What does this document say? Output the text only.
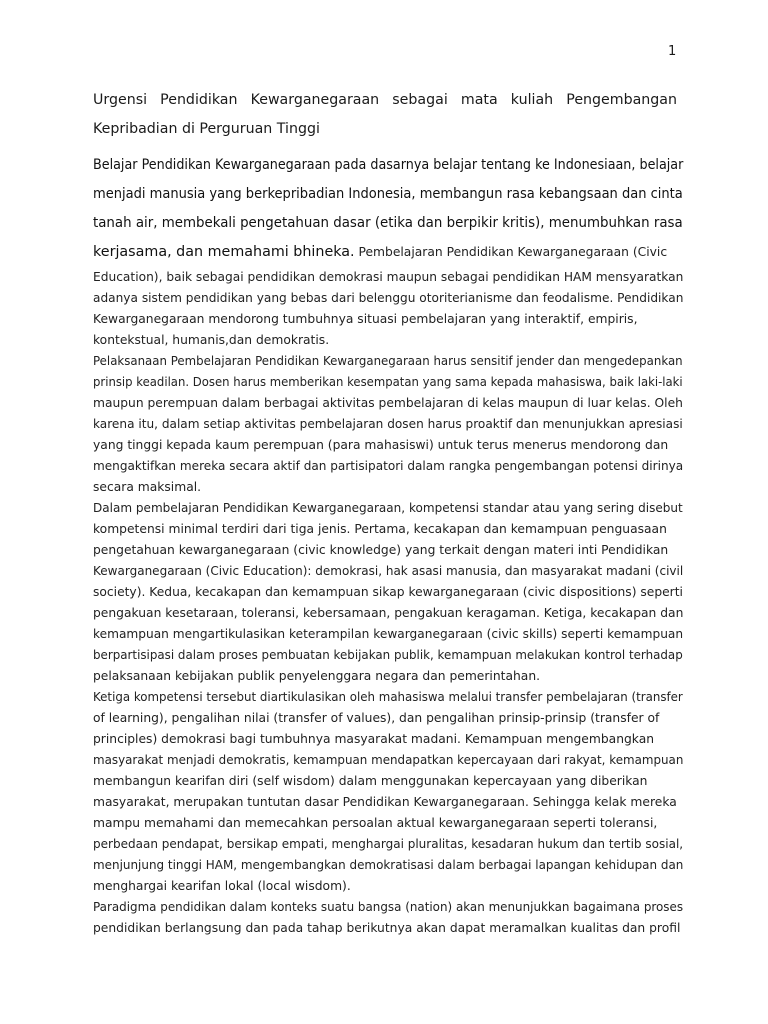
1
Urgensi Pendidikan Kewarganegaraan sebagai mata kuliah Pengembangan Kepribadian di Perguruan Tinggi
Belajar Pendidikan Kewarganegaraan pada dasarnya belajar tentang ke Indonesiaan, belajar
menjadi manusia yang berkepribadian Indonesia, membangun rasa kebangsaan dan cinta
tanah air, membekali pengetahuan dasar (etika dan berpikir kritis), menumbuhkan rasa
kerjasama, dan memahami bhineka. Pembelajaran Pendidikan Kewarganegaraan (Civic
Education), baik sebagai pendidikan demokrasi maupun sebagai pendidikan HAM mensyaratkan
adanya sistem pendidikan yang bebas dari belenggu otoriterianisme dan feodalisme. Pendidikan
Kewarganegaraan mendorong tumbuhnya situasi pembelajaran yang interaktif, empiris,
kontekstual, humanis,dan demokratis.
Pelaksanaan Pembelajaran Pendidikan Kewarganegaraan harus sensitif jender dan mengedepankan
prinsip keadilan. Dosen harus memberikan kesempatan yang sama kepada mahasiswa, baik laki-laki
maupun perempuan dalam berbagai aktivitas pembelajaran di kelas maupun di luar kelas. Oleh
karena itu, dalam setiap aktivitas pembelajaran dosen harus proaktif dan menunjukkan apresiasi
yang tinggi kepada kaum perempuan (para mahasiswi) untuk terus menerus mendorong dan
mengaktifkan mereka secara aktif dan partisipatori dalam rangka pengembangan potensi dirinya
secara maksimal.
Dalam pembelajaran Pendidikan Kewarganegaraan, kompetensi standar atau yang sering disebut
kompetensi minimal terdiri dari tiga jenis. Pertama, kecakapan dan kemampuan penguasaan
pengetahuan kewarganegaraan (civic knowledge) yang terkait dengan materi inti Pendidikan
Kewarganegaraan (Civic Education): demokrasi, hak asasi manusia, dan masyarakat madani (civil
society). Kedua, kecakapan dan kemampuan sikap kewarganegaraan (civic dispositions) seperti
pengakuan kesetaraan, toleransi, kebersamaan, pengakuan keragaman. Ketiga, kecakapan dan
kemampuan mengartikulasikan keterampilan kewarganegaraan (civic skills) seperti kemampuan
berpartisipasi dalam proses pembuatan kebijakan publik, kemampuan melakukan kontrol terhadap
pelaksanaan kebijakan publik penyelenggara negara dan pemerintahan.
Ketiga kompetensi tersebut diartikulasikan oleh mahasiswa melalui transfer pembelajaran (transfer
of learning), pengalihan nilai (transfer of values), dan pengalihan prinsip-prinsip (transfer of
principles) demokrasi bagi tumbuhnya masyarakat madani. Kemampuan mengembangkan
masyarakat menjadi demokratis, kemampuan mendapatkan kepercayaan dari rakyat, kemampuan
membangun kearifan diri (self wisdom) dalam menggunakan kepercayaan yang diberikan
masyarakat, merupakan tuntutan dasar Pendidikan Kewarganegaraan. Sehingga kelak mereka
mampu memahami dan memecahkan persoalan aktual kewarganegaraan seperti toleransi,
perbedaan pendapat, bersikap empati, menghargai pluralitas, kesadaran hukum dan tertib sosial,
menjunjung tinggi HAM, mengembangkan demokratisasi dalam berbagai lapangan kehidupan dan
menghargai kearifan lokal (local wisdom).
Paradigma pendidikan dalam konteks suatu bangsa (nation) akan menunjukkan bagaimana proses
pendidikan berlangsung dan pada tahap berikutnya akan dapat meramalkan kualitas dan profil
